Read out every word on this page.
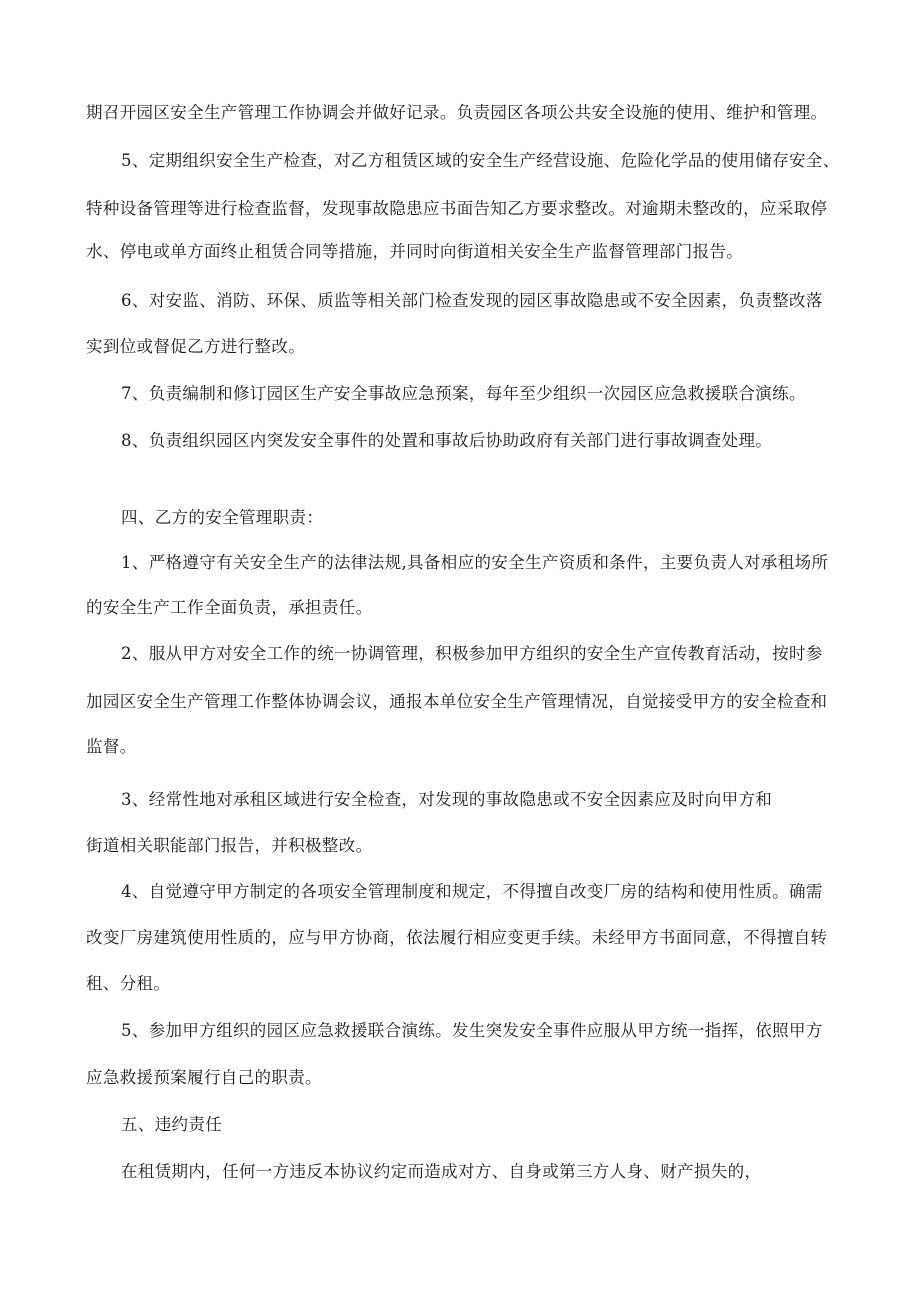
期召开园区安全生产管理工作协调会并做好记录。负责园区各项公共安全设施的使用、维护和管理。
5、定期组织安全生产检查，对乙方租赁区域的安全生产经营设施、危险化学品的使用储存安全、
特种设备管理等进行检查监督，发现事故隐患应书面告知乙方要求整改。对逾期未整改的，应采取停
水、停电或单方面终止租赁合同等措施，并同时向街道相关安全生产监督管理部门报告。
6、对安监、消防、环保、质监等相关部门检查发现的园区事故隐患或不安全因素，负责整改落
实到位或督促乙方进行整改。
7、负责编制和修订园区生产安全事故应急预案，每年至少组织一次园区应急救援联合演练。
8、负责组织园区内突发安全事件的处置和事故后协助政府有关部门进行事故调查处理。
四、乙方的安全管理职责：
1、严格遵守有关安全生产的法律法规,具备相应的安全生产资质和条件，主要负责人对承租场所
的安全生产工作全面负责，承担责任。
2、服从甲方对安全工作的统一协调管理，积极参加甲方组织的安全生产宣传教育活动，按时参
加园区安全生产管理工作整体协调会议，通报本单位安全生产管理情况，自觉接受甲方的安全检查和
监督。
3、经常性地对承租区域进行安全检查，对发现的事故隐患或不安全因素应及时向甲方和
街道相关职能部门报告，并积极整改。
4、自觉遵守甲方制定的各项安全管理制度和规定，不得擅自改变厂房的结构和使用性质。确需
改变厂房建筑使用性质的，应与甲方协商，依法履行相应变更手续。未经甲方书面同意，不得擅自转
租、分租。
5、参加甲方组织的园区应急救援联合演练。发生突发安全事件应服从甲方统一指挥，依照甲方
应急救援预案履行自己的职责。
五、违约责任
在租赁期内，任何一方违反本协议约定而造成对方、自身或第三方人身、财产损失的，
